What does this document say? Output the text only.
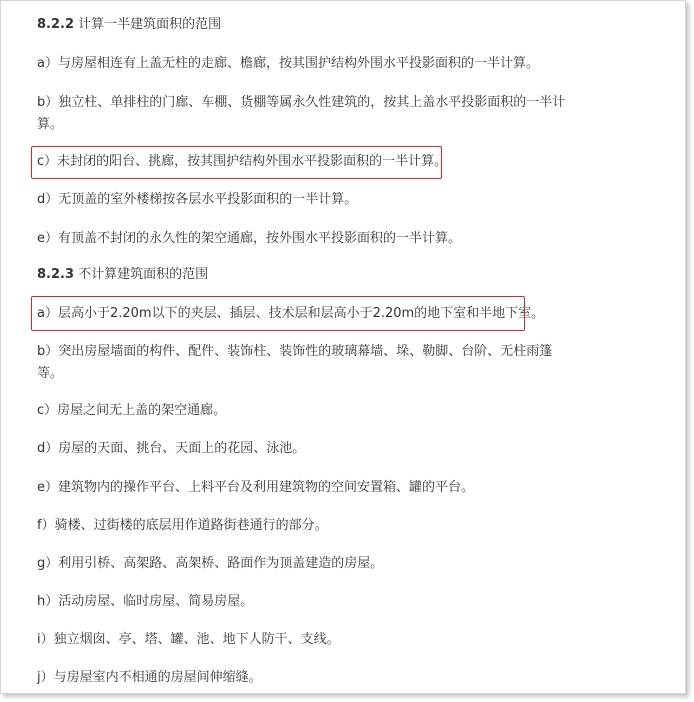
8.2.2 计算一半建筑面积的范围
a）与房屋相连有上盖无柱的走廊、檐廊，按其围护结构外围水平投影面积的一半计算。
b）独立柱、单排柱的门廊、车棚、货棚等属永久性建筑的，按其上盖水平投影面积的一半计
算。
c）未封闭的阳台、挑廊，按其围护结构外围水平投影面积的一半计算。
d）无顶盖的室外楼梯按各层水平投影面积的一半计算。
e）有顶盖不封闭的永久性的架空通廊，按外围水平投影面积的一半计算。
8.2.3 不计算建筑面积的范围
a）层高小于2.20m以下的夹层、插层、技术层和层高小于2.20m的地下室和半地下室。
b）突出房屋墙面的构件、配件、装饰柱、装饰性的玻璃幕墙、垛、勒脚、台阶、无柱雨篷
等。
c）房屋之间无上盖的架空通廊。
d）房屋的天面、挑台、天面上的花园、泳池。
e）建筑物内的操作平台、上料平台及利用建筑物的空间安置箱、罐的平台。
f）骑楼、过街楼的底层用作道路街巷通行的部分。
g）利用引桥、高架路、高架桥、路面作为顶盖建造的房屋。
h）活动房屋、临时房屋、简易房屋。
i）独立烟囱、亭、塔、罐、池、地下人防干、支线。
j）与房屋室内不相通的房屋间伸缩缝。
